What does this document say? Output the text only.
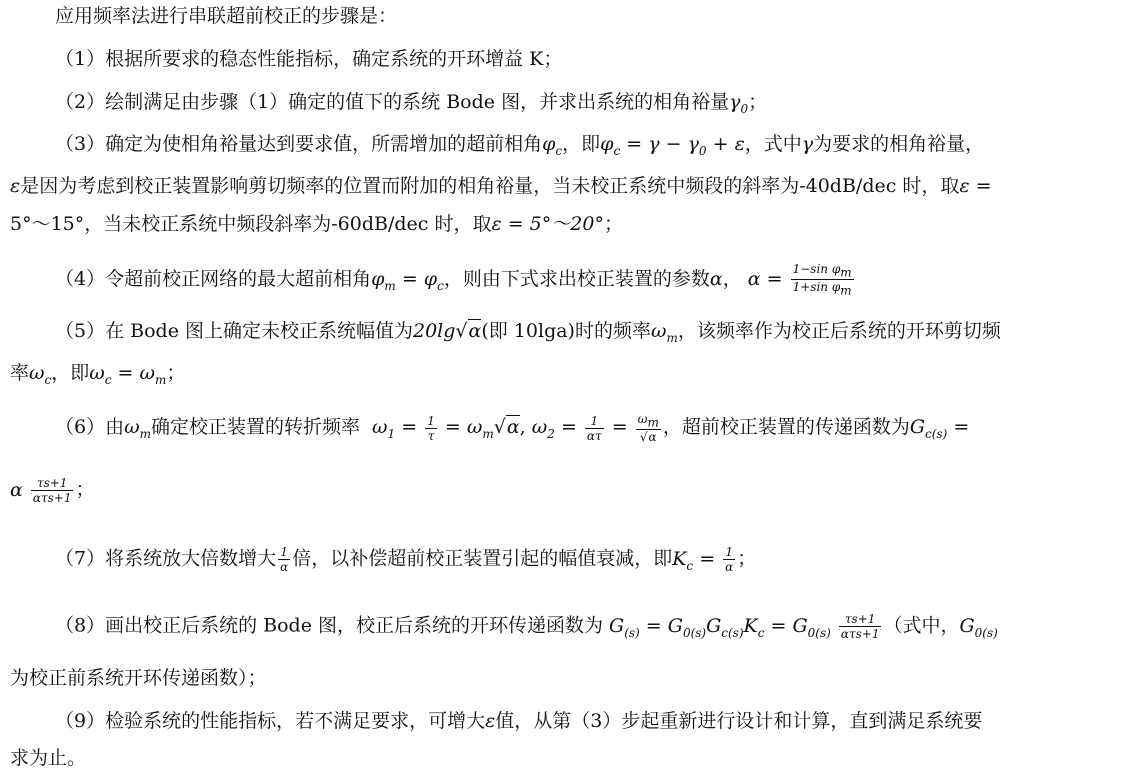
应用频率法进行串联超前校正的步骤是：
（1）根据所要求的稳态性能指标，确定系统的开环增益 K；
（2）绘制满足由步骤（1）确定的值下的系统 Bode 图，并求出系统的相角裕量$\gamma_0$；
（3）确定为使相角裕量达到要求值，所需增加的超前相角$\varphi_c$，即$\varphi_c = \gamma - \gamma_0 + \varepsilon$，式中γ为要求的相角裕量，
ε是因为考虑到校正装置影响剪切频率的位置而附加的相角裕量，当未校正系统中频段的斜率为-40dB/dec 时，取ε =
5°～15°，当未校正系统中频段斜率为-60dB/dec 时，取ε = 5°～20°；
（4）令超前校正网络的最大超前相角$\varphi_m = \varphi_c$，则由下式求出校正装置的参数α， $\alpha = \frac{1-\sin \varphi_m}{1+\sin \varphi_m}$
（5）在 Bode 图上确定未校正系统幅值为20lg√α(即 10lga)时的频率$\omega_m$，该频率作为校正后系统的开环剪切频
率$\omega_c$，即$\omega_c = \omega_m$；
（6）由$\omega_m$确定校正装置的转折频率 $\omega_1 = \frac{1}{\tau} = \omega_m√\alpha$, $\omega_2 = \frac{1}{\alpha\tau} = \frac{\omega_m}{√\alpha}$ ，超前校正装置的传递函数为$G_{c(s)}$ =
α $\frac{\tau s+1}{\text{ατs+1}}$ ；
（7）将系统放大倍数增大 $\frac{1}{\alpha}$ 倍，以补偿超前校正装置引起的幅值衰减，即$K_c = \frac{1}{\alpha}$ ；
（8）画出校正后系统的 Bode 图，校正后系统的开环传递函数为 $G_{(s)} = G_{0(s)}G_{c(s)}K_c = G_{0(s)} \frac{\tau s+1}{\text{ατs+1}}$ （式中，$G_{0(s)}$
为校正前系统开环传递函数）；
（9）检验系统的性能指标，若不满足要求，可增大ε值，从第（3）步起重新进行设计和计算，直到满足系统要
求为止。
